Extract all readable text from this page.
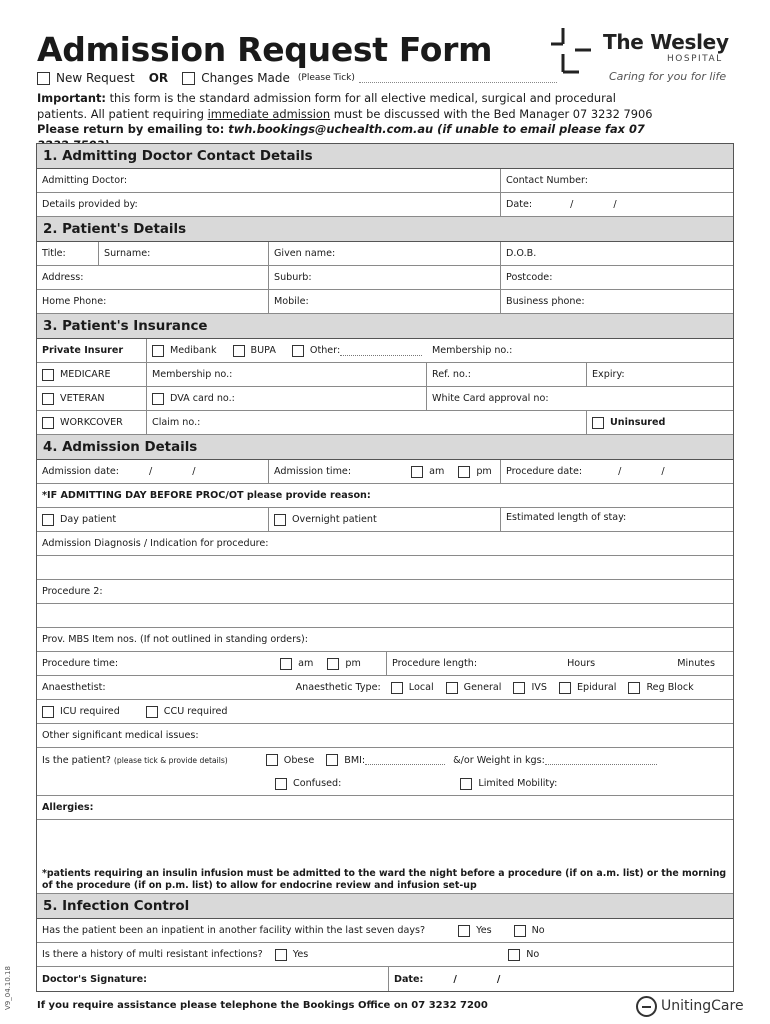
Admission Request Form	The Wesley
HOSPITAL
Caring for you for life
New Request OR	Changes Made (Please Tick)
Important: this form is the standard admission form for all elective medical, surgical and procedural patients. All patient requiring immediate admission must be discussed with the Bed Manager 07 3232 7906
Please return by emailing to: twh.bookings@uchealth.com.au (if unable to email please fax 07
1. Admitting Doctor Contact Details
Admitting Doctor:	Contact Number:
Details provided by:	Date:	/	/
2. Patient's Details
Title:	Surname:	Given name:	D.O.B.
Address:	Suburb:	Postcode:
Home Phone:	Mobile:	Business phone:
3. Patient's Insurance
Private Insurer	Medibank	BUPA	Other:	Membership no.:
MEDICARE	Membership no.:	Ref. no.:	Expiry:
VETERAN	DVA card no.:	White Card approval no:
WORKCOVER	Claim no.:	Uninsured
4. Admission Details
Admission date:	/	/	Admission time:	am	pm Procedure date:	/	/
*IF ADMITTING DAY BEFORE PROC/OT please provide reason:
Day patient	Overnight patient	Estimated length of stay:
Admission Diagnosis / Indication for procedure:
Procedure 2:
Prov. MBS Item nos. (If not outlined in standing orders):
Procedure time:	am	pm	Procedure length:	Hours	Minutes
Anaesthetist:	Anaesthetic Type:	Local	General	IVS	Epidural	Reg Block
ICU required	CCU required
Other significant medical issues:
Is the patient? (please tick & provide details)	Obese	BMI:	&/or Weight in kgs:
Confused:	Limited Mobility:
Allergies:
*patients requiring an insulin infusion must be admitted to the ward the night before a procedure (if on a.m. list) or the morning of the procedure (if on p.m. list) to allow for endocrine review and infusion set-up
5. Infection Control
Has the patient been an inpatient in another facility within the last seven days?	Yes	No
Is there a history of multi resistant infections?	Yes	No
Doctor's Signature:	Date:	/	/
If you require assistance please telephone the Bookings Office on 07 3232 7200
V9_04.10.18	UnitingCare
